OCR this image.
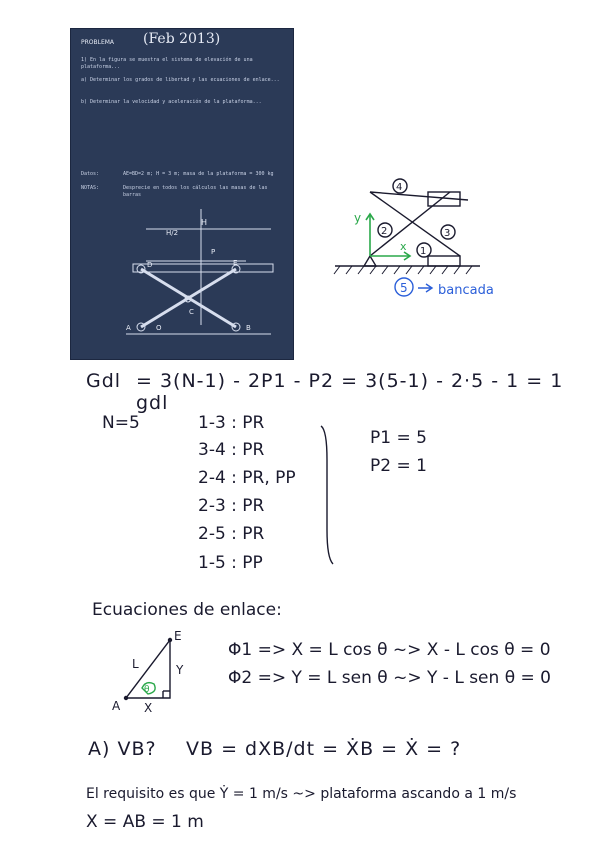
(Feb 2013)
PROBLEMA
1) En la figura se muestra el sistema de elevación de una plataforma...
a) Determinar los grados de libertad y las ecuaciones de enlace...
b) Determinar la velocidad y aceleración de la plataforma...
Datos:	AE=BD=2 m; H = 3 m; masa de la plataforma = 300 kg
NOTAS:	Desprecie en todos los cálculos las masas de las barras
H
H/2
P
D	E
C
A	O	B
4
2	3
1
y
x
5 bancada
Gdl = 3(N-1) - 2P1 - P2 = 3(5-1) - 2·5 - 1 = 1 gdl
N=5	1-3 : PR
3-4 : PR
2-4 : PR, PP
2-3 : PR
2-5 : PR
1-5 : PP
P1 = 5
P2 = 1
Ecuaciones de enlace:
θ
E
A
L	Y
X
Φ1 => X = L cos θ ~> X - L cos θ = 0
Φ2 => Y = L sen θ ~> Y - L sen θ = 0
A) VB? VB = dXB/dt = ẊB = Ẋ = ?
El requisito es que Ẏ = 1 m/s ~> plataforma ascando a 1 m/s
X = AB = 1 m
